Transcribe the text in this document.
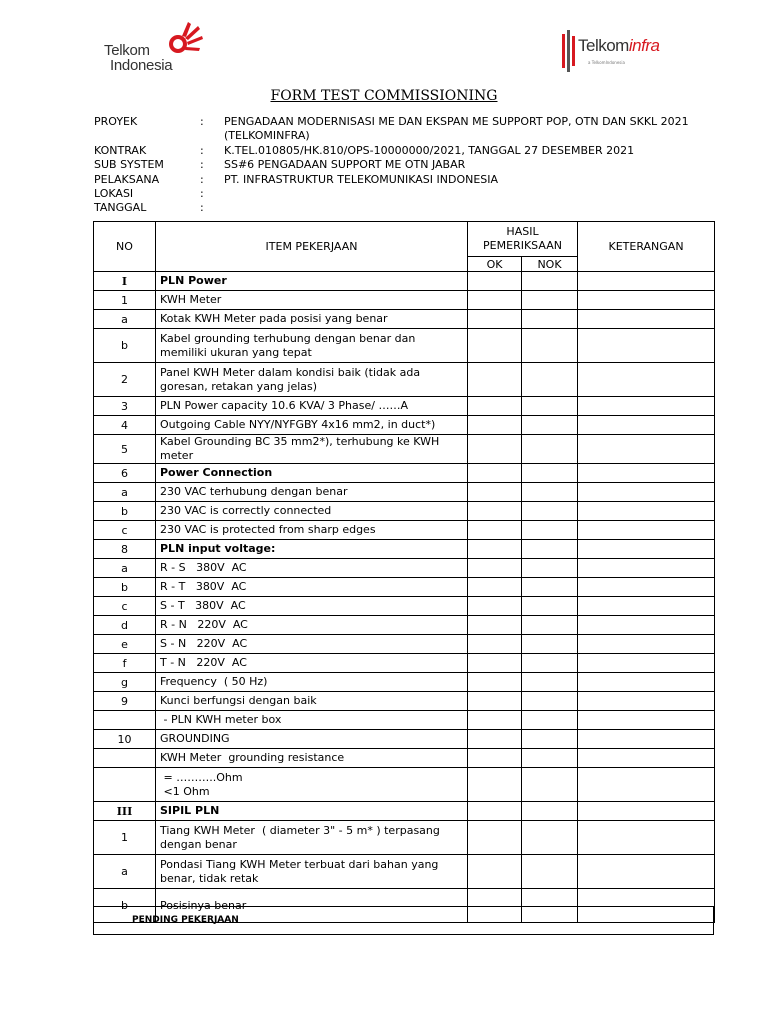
Telkom
Indonesia
Telkominfra
a TelkomIndonesia
FORM TEST COMMISSIONING
PROYEK	:	PENGADAAN MODERNISASI ME DAN EKSPAN ME SUPPORT POP, OTN DAN SKKL 2021 (TELKOMINFRA)
KONTRAK	:	K.TEL.010805/HK.810/OPS-10000000/2021, TANGGAL 27 DESEMBER 2021
SUB SYSTEM	:	SS#6 PENGADAAN SUPPORT ME OTN JABAR
PELAKSANA	:	PT. INFRASTRUKTUR TELEKOMUNIKASI INDONESIA
LOKASI	:
TANGGAL	:
NO	ITEM PEKERJAAN	HASIL PEMERIKSAAN		KETERANGAN
		OK	NOK	
I	PLN Power			
1	KWH Meter			
a	Kotak KWH Meter pada posisi yang benar			
b	Kabel grounding terhubung dengan benar dan memiliki ukuran yang tepat			
2	Panel KWH Meter dalam kondisi baik (tidak ada goresan, retakan yang jelas)			
3	PLN Power capacity 10.6 KVA/ 3 Phase/ ……A			
4	Outgoing Cable NYY/NYFGBY 4x16 mm2, in duct*)			
5	Kabel Grounding BC 35 mm2*), terhubung ke KWH meter			
6	Power Connection			
a	230 VAC terhubung dengan benar			
b	230 VAC is correctly connected			
c	230 VAC is protected from sharp edges			
8	PLN input voltage:			
a	R - S   380V  AC			
b	R - T   380V  AC			
c	S - T   380V  AC			
d	R - N   220V  AC			
e	S - N   220V  AC			
f	T - N   220V  AC			
g	Frequency  ( 50 Hz)			
9	Kunci berfungsi dengan baik			
	- PLN KWH meter box			
10	GROUNDING			
	KWH Meter  grounding resistance			
	= ………..Ohm
<1 Ohm			
III	SIPIL PLN			
1	Tiang KWH Meter  ( diameter 3" - 5 m* ) terpasang dengan benar			
a	Pondasi Tiang KWH Meter terbuat dari bahan yang benar, tidak retak			
b	Posisinya benar			
PENDING PEKERJAAN
